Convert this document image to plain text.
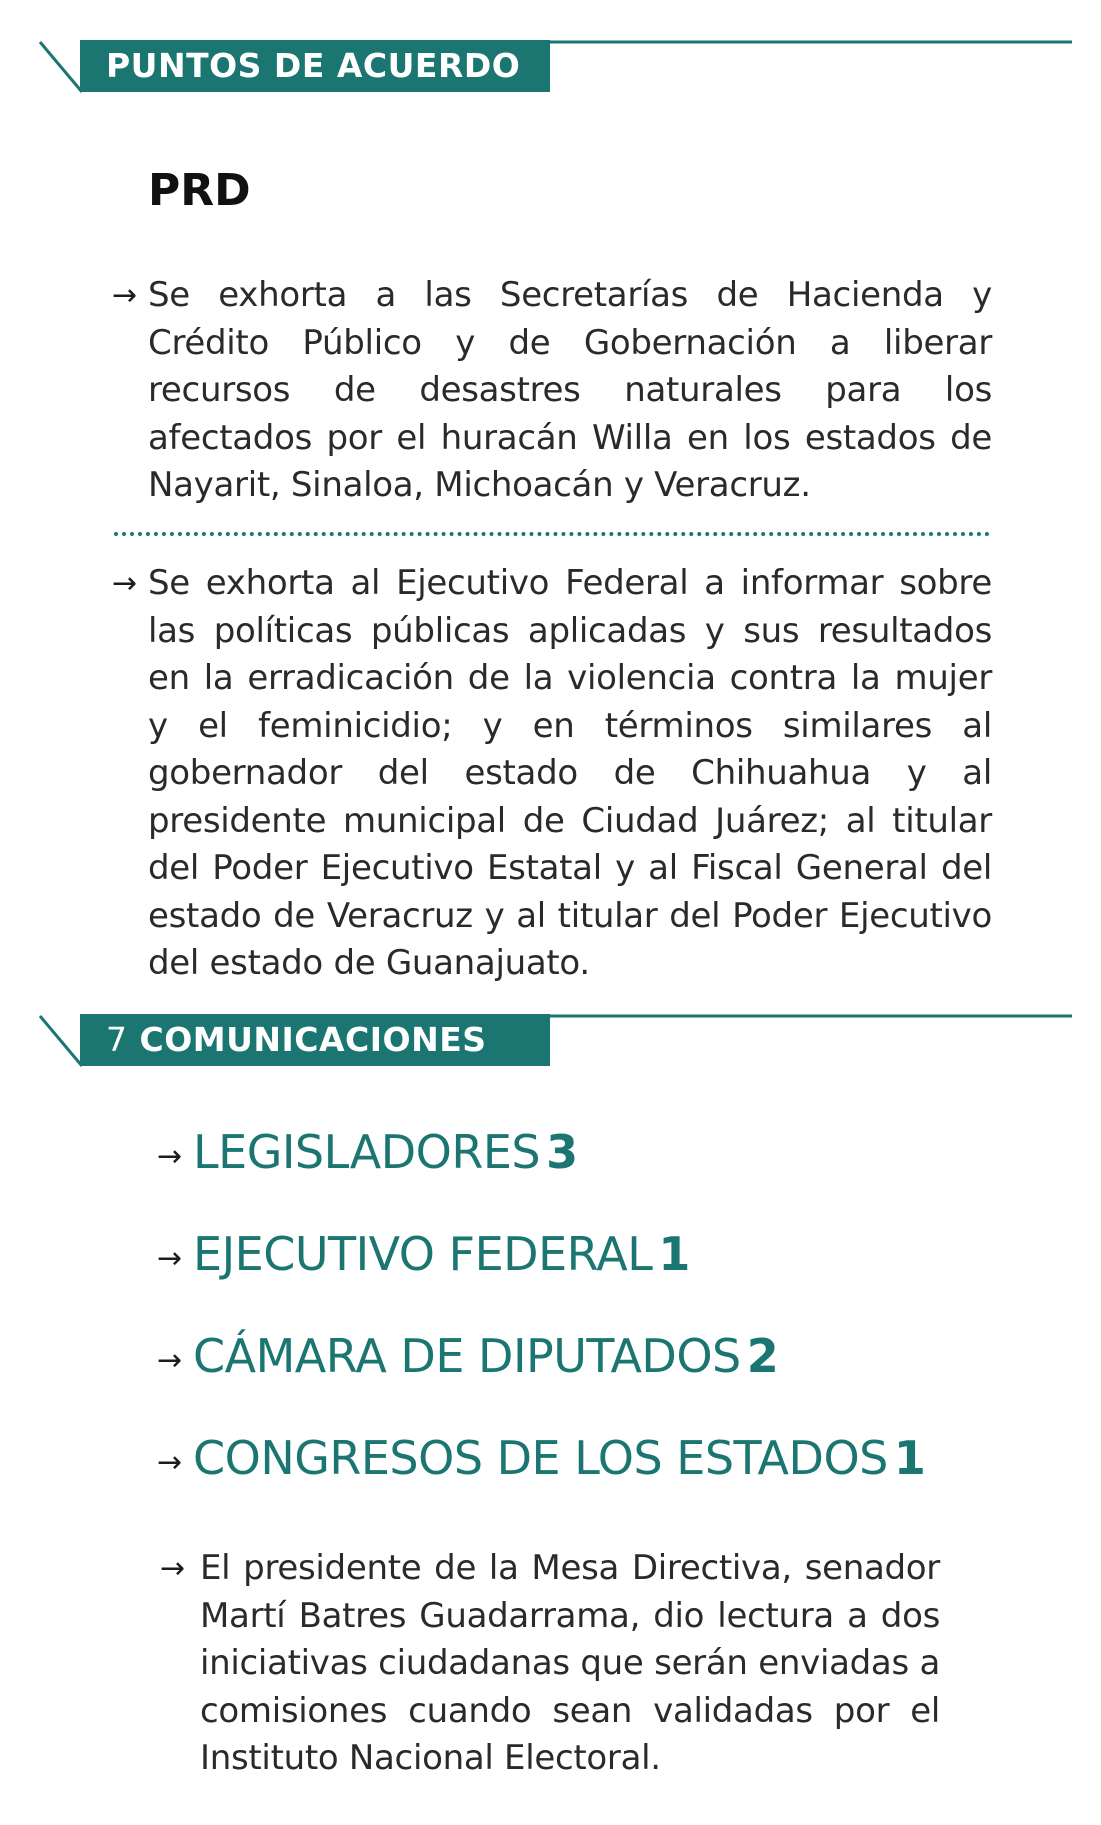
PUNTOS DE ACUERDO
PRD
→ Se exhorta a las Secretarías de Hacienda y Crédito Público y de Gobernación a liberar recursos de desastres naturales para los afectados por el huracán Willa en los estados de Nayarit, Sinaloa, Michoacán y Veracruz.
→ Se exhorta al Ejecutivo Federal a informar sobre las políticas públicas aplicadas y sus resultados en la erradicación de la violencia contra la mujer y el feminicidio; y en términos similares al gobernador del estado de Chihuahua y al presidente municipal de Ciudad Juárez; al titular del Poder Ejecutivo Estatal y al Fiscal General del estado de Veracruz y al titular del Poder Ejecutivo del estado de Guanajuato.
7 COMUNICACIONES
→ LEGISLADORES 3
→ EJECUTIVO FEDERAL 1
→ CÁMARA DE DIPUTADOS 2
→ CONGRESOS DE LOS ESTADOS 1
→ El presidente de la Mesa Directiva, senador Martí Batres Guadarrama, dio lectura a dos iniciativas ciudadanas que serán enviadas a comisiones cuando sean validadas por el Instituto Nacional Electoral.
